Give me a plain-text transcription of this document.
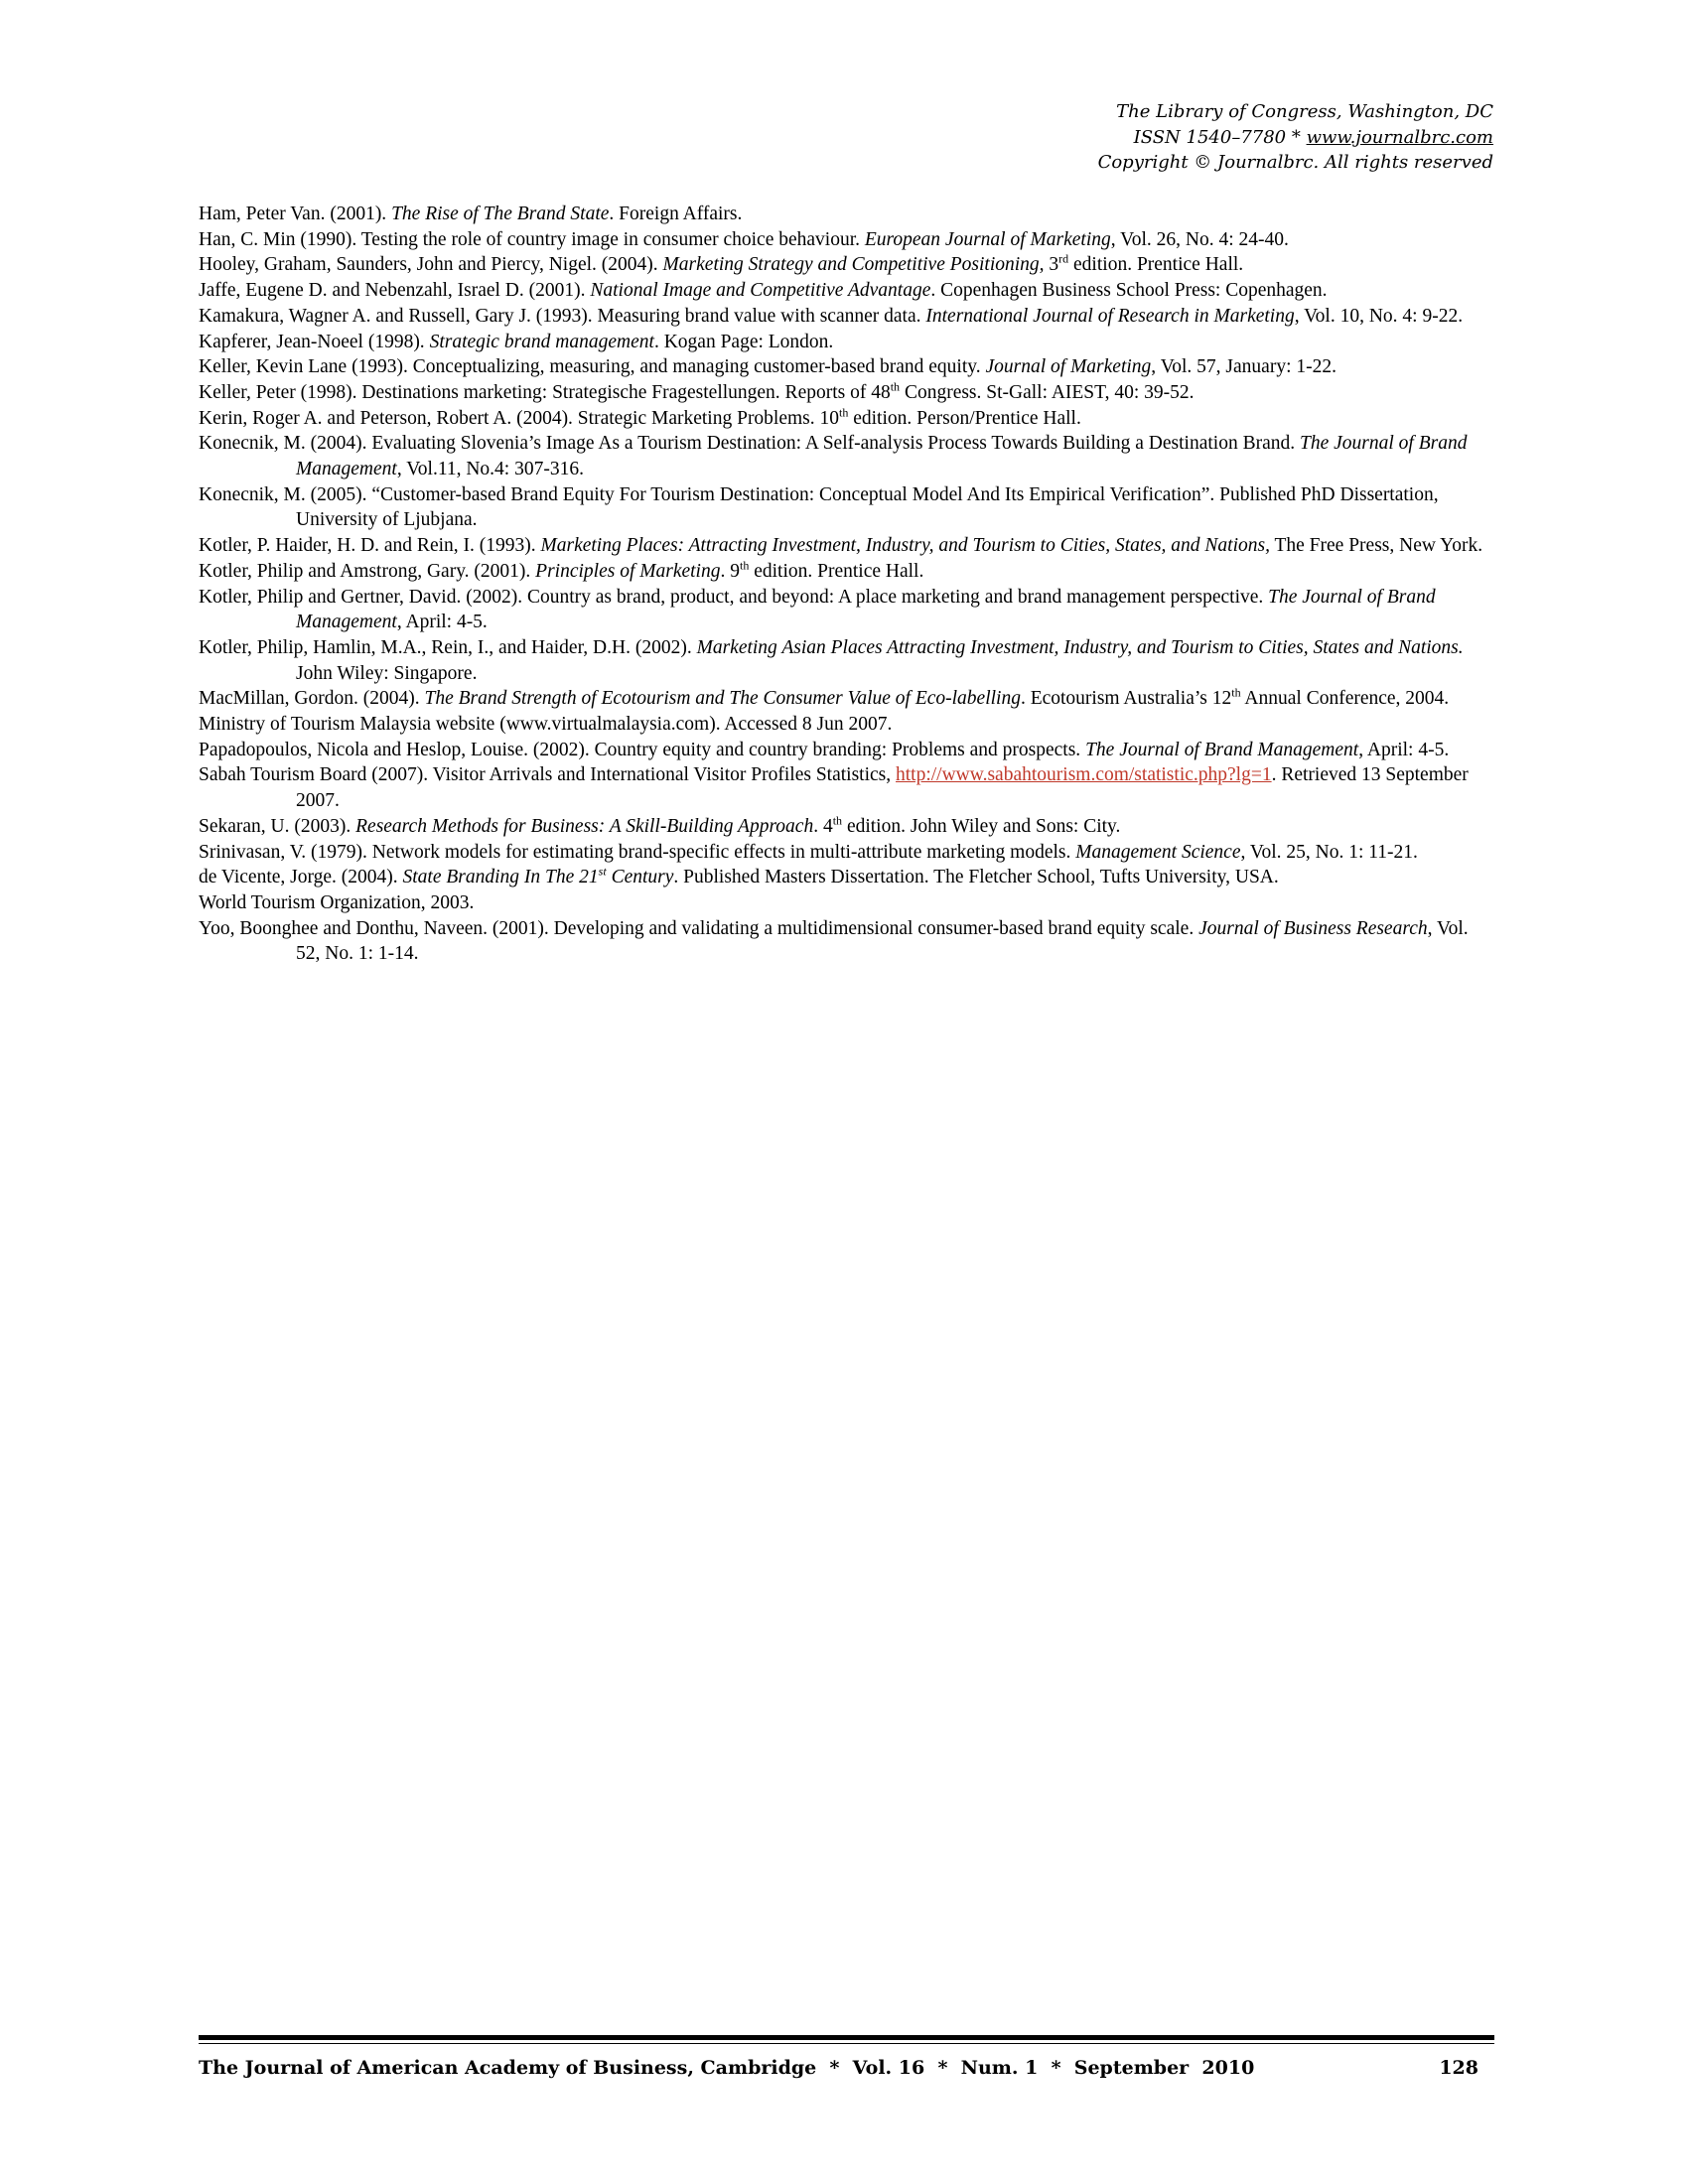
The Library of Congress, Washington, DC
ISSN 1540–7780 * www.journalbrc.com
Copyright © Journalbrc. All rights reserved
Ham, Peter Van. (2001). The Rise of The Brand State. Foreign Affairs.
Han, C. Min (1990). Testing the role of country image in consumer choice behaviour. European Journal of Marketing, Vol. 26, No. 4: 24-40.
Hooley, Graham, Saunders, John and Piercy, Nigel. (2004). Marketing Strategy and Competitive Positioning, 3rd edition. Prentice Hall.
Jaffe, Eugene D. and Nebenzahl, Israel D. (2001). National Image and Competitive Advantage. Copenhagen Business School Press: Copenhagen.
Kamakura, Wagner A. and Russell, Gary J. (1993). Measuring brand value with scanner data. International Journal of Research in Marketing, Vol. 10, No. 4: 9-22.
Kapferer, Jean-Noeel (1998). Strategic brand management. Kogan Page: London.
Keller, Kevin Lane (1993). Conceptualizing, measuring, and managing customer-based brand equity. Journal of Marketing, Vol. 57, January: 1-22.
Keller, Peter (1998). Destinations marketing: Strategische Fragestellungen. Reports of 48th Congress. St-Gall: AIEST, 40: 39-52.
Kerin, Roger A. and Peterson, Robert A. (2004). Strategic Marketing Problems. 10th edition. Person/Prentice Hall.
Konecnik, M. (2004). Evaluating Slovenia’s Image As a Tourism Destination: A Self-analysis Process Towards Building a Destination Brand. The Journal of Brand Management, Vol.11, No.4: 307-316.
Konecnik, M. (2005). “Customer-based Brand Equity For Tourism Destination: Conceptual Model And Its Empirical Verification”. Published PhD Dissertation, University of Ljubjana.
Kotler, P. Haider, H. D. and Rein, I. (1993). Marketing Places: Attracting Investment, Industry, and Tourism to Cities, States, and Nations, The Free Press, New York.
Kotler, Philip and Amstrong, Gary. (2001). Principles of Marketing. 9th edition. Prentice Hall.
Kotler, Philip and Gertner, David. (2002). Country as brand, product, and beyond: A place marketing and brand management perspective. The Journal of Brand Management, April: 4-5.
Kotler, Philip, Hamlin, M.A., Rein, I., and Haider, D.H. (2002). Marketing Asian Places Attracting Investment, Industry, and Tourism to Cities, States and Nations. John Wiley: Singapore.
MacMillan, Gordon. (2004). The Brand Strength of Ecotourism and The Consumer Value of Eco-labelling. Ecotourism Australia’s 12th Annual Conference, 2004.
Ministry of Tourism Malaysia website (www.virtualmalaysia.com). Accessed 8 Jun 2007.
Papadopoulos, Nicola and Heslop, Louise. (2002). Country equity and country branding: Problems and prospects. The Journal of Brand Management, April: 4-5.
Sabah Tourism Board (2007). Visitor Arrivals and International Visitor Profiles Statistics, http://www.sabahtourism.com/statistic.php?lg=1. Retrieved 13 September 2007.
Sekaran, U. (2003). Research Methods for Business: A Skill-Building Approach. 4th edition. John Wiley and Sons: City.
Srinivasan, V. (1979). Network models for estimating brand-specific effects in multi-attribute marketing models. Management Science, Vol. 25, No. 1: 11-21.
de Vicente, Jorge. (2004). State Branding In The 21st Century. Published Masters Dissertation. The Fletcher School, Tufts University, USA.
World Tourism Organization, 2003.
Yoo, Boonghee and Donthu, Naveen. (2001). Developing and validating a multidimensional consumer-based brand equity scale. Journal of Business Research, Vol. 52, No. 1: 1-14.
The Journal of American Academy of Business, Cambridge  *  Vol. 16  *  Num. 1  *  September  2010	128
